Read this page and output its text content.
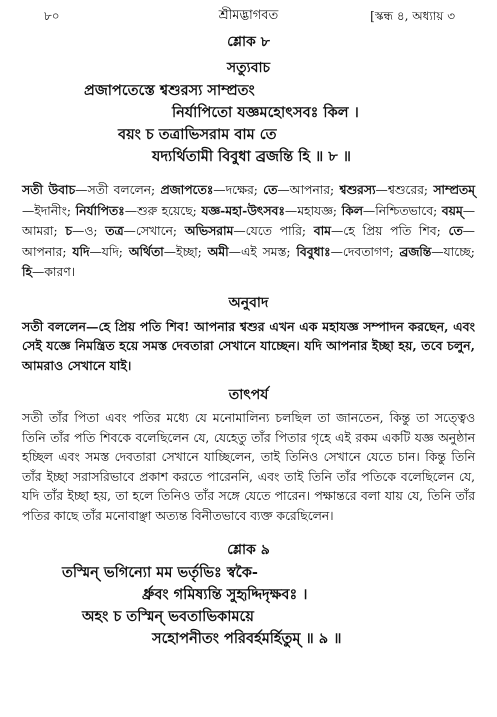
৮০	শ্রীমদ্ভাগবত	[স্কন্ধ ৪, অধ্যায় ৩
শ্লোক ৮
সত্যুবাচ
প্রজাপতেস্তে শ্বশুরস্য সাম্প্রতং
নির্যাপিতো যজ্ঞমহোৎসবঃ কিল ।
বয়ং চ তত্রাভিসরাম বাম তে
যদ্যর্থিতামী বিবুধা ব্রজন্তি হি ॥ ৮ ॥
সতী উবাচ—সতী বললেন; প্রজাপতেঃ—দক্ষের; তে—আপনার; শ্বশুরস্য—শ্বশুরের; সাম্প্রতম্—ইদানীং; নির্যাপিতঃ—শুরু হয়েছে; যজ্ঞ-মহা-উৎসবঃ—মহাযজ্ঞ; কিল—নিশ্চিতভাবে; বয়ম্—আমরা; চ—ও; তত্র—সেখানে; অভিসরাম—যেতে পারি; বাম—হে প্রিয় পতি শিব; তে—আপনার; যদি—যদি; অর্থিতা—ইচ্ছা; অমী—এই সমস্ত; বিবুধাঃ—দেবতাগণ; ব্রজন্তি—যাচ্ছে; হি—কারণ।
অনুবাদ
সতী বললেন—হে প্রিয় পতি শিব! আপনার শ্বশুর এখন এক মহাযজ্ঞ সম্পাদন করছেন, এবং সেই যজ্ঞে নিমন্ত্রিত হয়ে সমস্ত দেবতারা সেখানে যাচ্ছেন। যদি আপনার ইচ্ছা হয়, তবে চলুন, আমরাও সেখানে যাই।
তাৎপর্য
সতী তাঁর পিতা এবং পতির মধ্যে যে মনোমালিন্য চলছিল তা জানতেন, কিন্তু তা সত্ত্বেও তিনি তাঁর পতি শিবকে বলেছিলেন যে, যেহেতু তাঁর পিতার গৃহে এই রকম একটি যজ্ঞ অনুষ্ঠান হচ্ছিল এবং সমস্ত দেবতারা সেখানে যাচ্ছিলেন, তাই তিনিও সেখানে যেতে চান। কিন্তু তিনি তাঁর ইচ্ছা সরাসরিভাবে প্রকাশ করতে পারেননি, এবং তাই তিনি তাঁর পতিকে বলেছিলেন যে, যদি তাঁর ইচ্ছা হয়, তা হলে তিনিও তাঁর সঙ্গে যেতে পারেন। পক্ষান্তরে বলা যায় যে, তিনি তাঁর পতির কাছে তাঁর মনোবাঞ্ছা অত্যন্ত বিনীতভাবে ব্যক্ত করেছিলেন।
শ্লোক ৯
তস্মিন্ ভগিন্যো মম ভর্তৃভিঃ স্বকৈ-
র্ধ্রুবং গমিষ্যন্তি সুহৃদ্দিদৃক্ষবঃ ।
অহং চ তস্মিন্ ভবতাভিকাময়ে
সহোপনীতং পরিবর্হমর্হিতুম্ ॥ ৯ ॥
